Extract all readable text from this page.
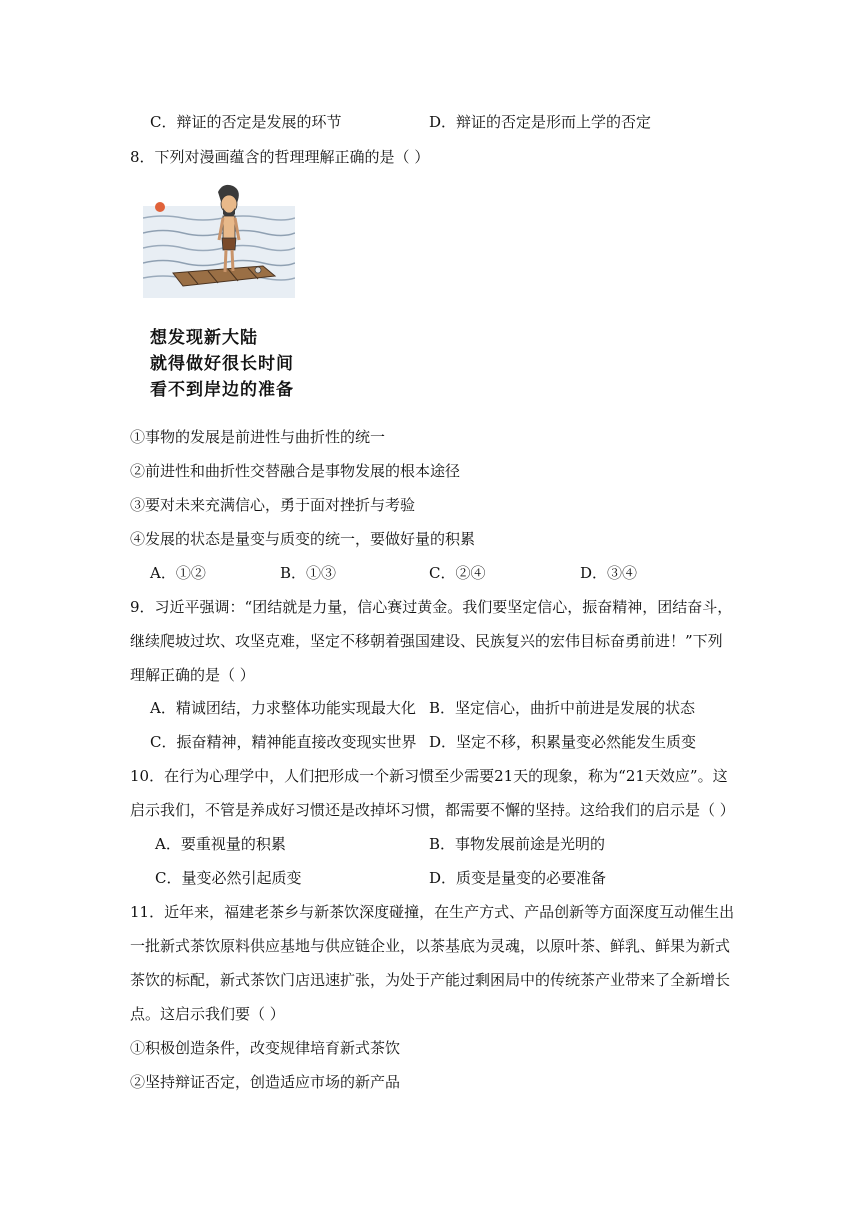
C．辩证的否定是发展的环节	D．辩证的否定是形而上学的否定
8．下列对漫画蕴含的哲理理解正确的是（ ）
想发现新大陆
就得做好很长时间
看不到岸边的准备
①事物的发展是前进性与曲折性的统一
②前进性和曲折性交替融合是事物发展的根本途径
③要对未来充满信心，勇于面对挫折与考验
④发展的状态是量变与质变的统一，要做好量的积累
A．①②	B．①③	C．②④	D．③④
9．习近平强调：“团结就是力量，信心赛过黄金。我们要坚定信心，振奋精神，团结奋斗，
继续爬坡过坎、攻坚克难，坚定不移朝着强国建设、民族复兴的宏伟目标奋勇前进！”下列
理解正确的是（ ）
A．精诚团结，力求整体功能实现最大化 B．坚定信心，曲折中前进是发展的状态
C．振奋精神，精神能直接改变现实世界 D．坚定不移，积累量变必然能发生质变
10．在行为心理学中，人们把形成一个新习惯至少需要21天的现象，称为“21天效应”。这
启示我们，不管是养成好习惯还是改掉坏习惯，都需要不懈的坚持。这给我们的启示是（ ）
A．要重视量的积累	B．事物发展前途是光明的
C．量变必然引起质变	D．质变是量变的必要准备
11．近年来，福建老茶乡与新茶饮深度碰撞，在生产方式、产品创新等方面深度互动催生出
一批新式茶饮原料供应基地与供应链企业，以茶基底为灵魂，以原叶茶、鲜乳、鲜果为新式
茶饮的标配，新式茶饮门店迅速扩张，为处于产能过剩困局中的传统茶产业带来了全新增长
点。这启示我们要（ ）
①积极创造条件，改变规律培育新式茶饮
②坚持辩证否定，创造适应市场的新产品
